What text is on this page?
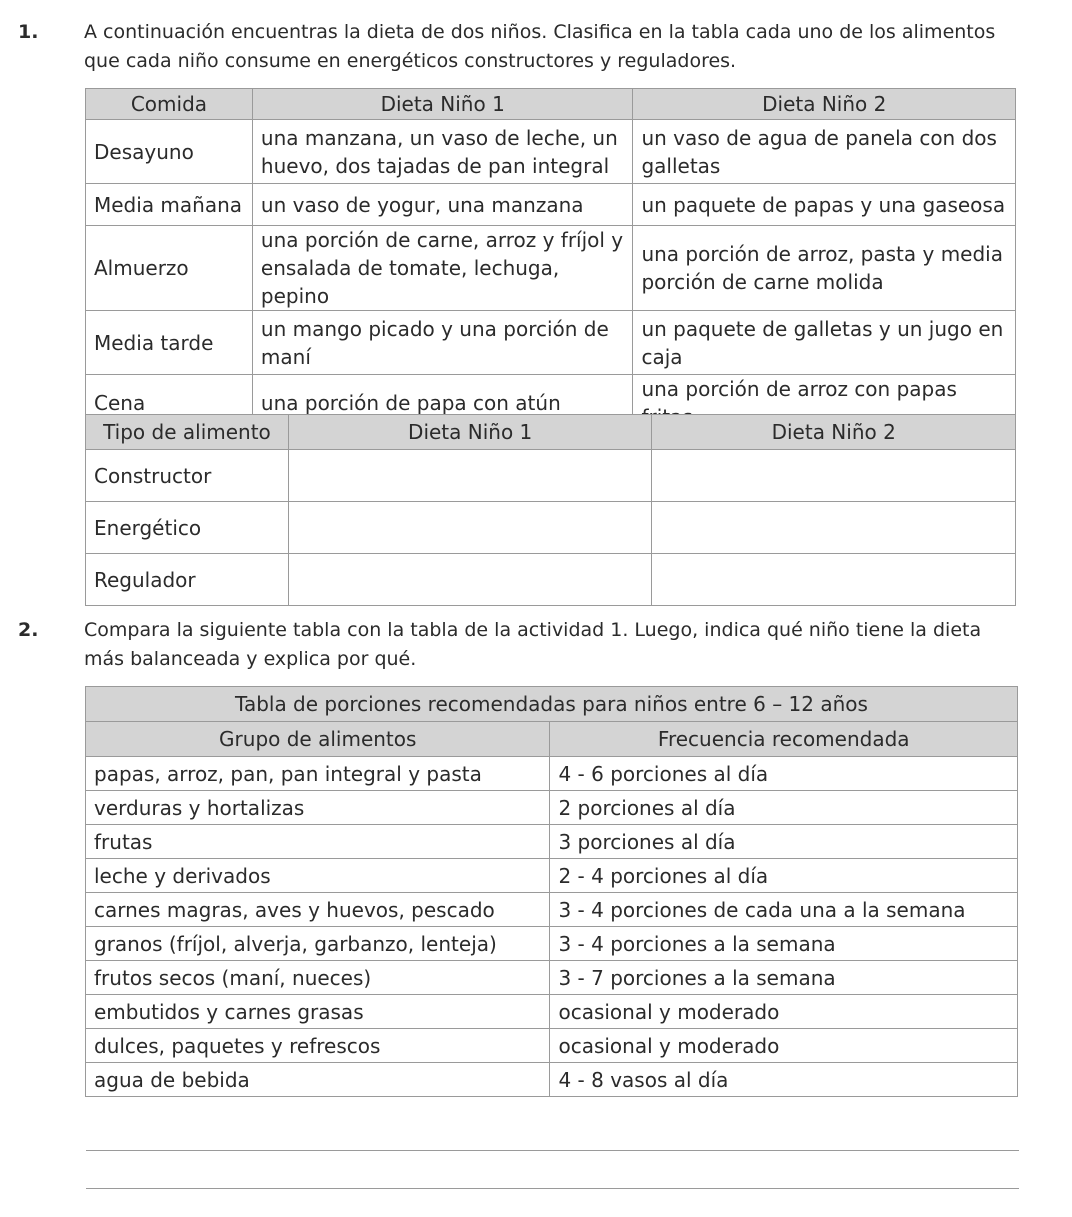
1. A continuación encuentras la dieta de dos niños. Clasifica en la tabla cada uno de los alimentos que cada niño consume en energéticos constructores y reguladores.
Comida	Dieta Niño 1	Dieta Niño 2
Desayuno	una manzana, un vaso de leche, un huevo, dos tajadas de pan integral	un vaso de agua de panela con dos galletas
Media mañana	un vaso de yogur, una manzana	un paquete de papas y una gaseosa
Almuerzo	una porción de carne, arroz y fríjol y ensalada de tomate, lechuga, pepino	una porción de arroz, pasta y media porción de carne molida
Media tarde	un mango picado y una porción de maní	un paquete de galletas y un jugo en caja
Cena	una porción de papa con atún	una porción de arroz con papas
Tipo de alimento	Dieta Niño 1	Dieta Niño 2
Constructor		
Energético		
Regulador		
2. Compara la siguiente tabla con la tabla de la actividad 1. Luego, indica qué niño tiene la dieta más balanceada y explica por qué.
Tabla de porciones recomendadas para niños entre 6 – 12 años	
Grupo de alimentos	Frecuencia recomendada
papas, arroz, pan, pan integral y pasta	4 - 6 porciones al día
verduras y hortalizas	2 porciones al día
frutas	3 porciones al día
leche y derivados	2 - 4 porciones al día
carnes magras, aves y huevos, pescado	3 - 4 porciones de cada una a la semana
granos (fríjol, alverja, garbanzo, lenteja)	3 - 4 porciones a la semana
frutos secos (maní, nueces)	3 - 7 porciones a la semana
embutidos y carnes grasas	ocasional y moderado
dulces, paquetes y refrescos	ocasional y moderado
agua de bebida	4 - 8 vasos al día
